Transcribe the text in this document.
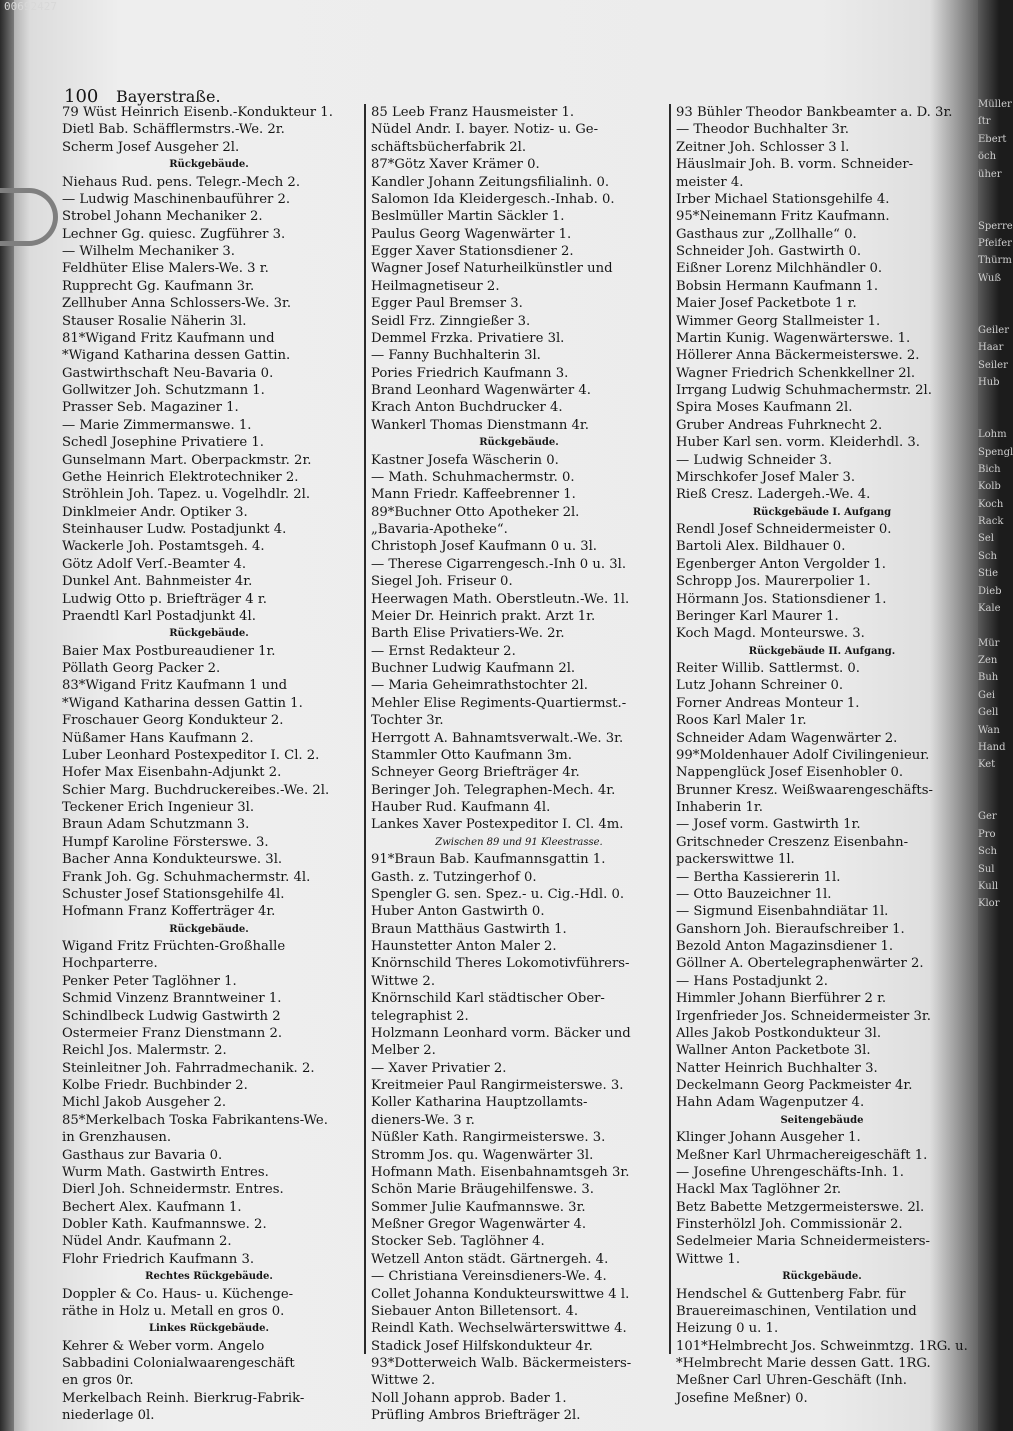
00692427
100 Bayerstraße.
79 Wüst Heinrich Eisenb.-Kondukteur 1.
Dietl Bab. Schäfflermstrs.-We. 2r.
Scherm Josef Ausgeher 2l.
Rückgebäude.
Niehaus Rud. pens. Telegr.-Mech 2.
— Ludwig Maschinenbauführer 2.
Strobel Johann Mechaniker 2.
Lechner Gg. quiesc. Zugführer 3.
— Wilhelm Mechaniker 3.
Feldhüter Elise Malers-We. 3 r.
Rupprecht Gg. Kaufmann 3r.
Zellhuber Anna Schlossers-We. 3r.
Stauser Rosalie Näherin 3l.
81*Wigand Fritz Kaufmann und
*Wigand Katharina dessen Gattin.
Gastwirthschaft Neu-Bavaria 0.
Gollwitzer Joh. Schutzmann 1.
Prasser Seb. Magaziner 1.
— Marie Zimmermanswe. 1.
Schedl Josephine Privatiere 1.
Gunselmann Mart. Oberpackmstr. 2r.
Gethe Heinrich Elektrotechniker 2.
Ströhlein Joh. Tapez. u. Vogelhdlr. 2l.
Dinklmeier Andr. Optiker 3.
Steinhauser Ludw. Postadjunkt 4.
Wackerle Joh. Postamtsgeh. 4.
Götz Adolf Verſ.-Beamter 4.
Dunkel Ant. Bahnmeister 4r.
Ludwig Otto p. Briefträger 4 r.
Praendtl Karl Postadjunkt 4l.
Rückgebäude.
Baier Max Postbureaudiener 1r.
Pöllath Georg Packer 2.
83*Wigand Fritz Kaufmann 1 und
*Wigand Katharina dessen Gattin 1.
Froschauer Georg Kondukteur 2.
Nüßamer Hans Kaufmann 2.
Luber Leonhard Postexpeditor I. Cl. 2.
Hofer Max Eisenbahn-Adjunkt 2.
Schier Marg. Buchdruckereibes.-We. 2l.
Teckener Erich Ingenieur 3l.
Braun Adam Schutzmann 3.
Humpf Karoline Försterswe. 3.
Bacher Anna Kondukteurswe. 3l.
Frank Joh. Gg. Schuhmachermstr. 4l.
Schuster Josef Stationsgehilfe 4l.
Hofmann Franz Kofferträger 4r.
Rückgebäude.
Wigand Fritz Früchten-Großhalle
Hochparterre.
Penker Peter Taglöhner 1.
Schmid Vinzenz Branntweiner 1.
Schindlbeck Ludwig Gastwirth 2
Ostermeier Franz Dienstmann 2.
Reichl Jos. Malermstr. 2.
Steinleitner Joh. Fahrradmechanik. 2.
Kolbe Friedr. Buchbinder 2.
Michl Jakob Ausgeher 2.
85*Merkelbach Toska Fabrikantens-We.
in Grenzhausen.
Gasthaus zur Bavaria 0.
Wurm Math. Gastwirth Entres.
Dierl Joh. Schneidermstr. Entres.
Bechert Alex. Kaufmann 1.
Dobler Kath. Kaufmannswe. 2.
Nüdel Andr. Kaufmann 2.
Flohr Friedrich Kaufmann 3.
Rechtes Rückgebäude.
Doppler & Co. Haus- u. Küchenge-
räthe in Holz u. Metall en gros 0.
Linkes Rückgebäude.
Kehrer & Weber vorm. Angelo
Sabbadini Colonialwaarengeschäft
en gros 0r.
Merkelbach Reinh. Bierkrug-Fabrik-
niederlage 0l.
85 Leeb Franz Hausmeister 1.
Nüdel Andr. I. bayer. Notiz- u. Ge-
schäftsbücherfabrik 2l.
87*Götz Xaver Krämer 0.
Kandler Johann Zeitungsfilialinh. 0.
Salomon Ida Kleidergesch.-Inhab. 0.
Beslmüller Martin Säckler 1.
Paulus Georg Wagenwärter 1.
Egger Xaver Stationsdiener 2.
Wagner Josef Naturheilkünstler und
Heilmagnetiseur 2.
Egger Paul Bremser 3.
Seidl Frz. Zinngießer 3.
Demmel Frzka. Privatiere 3l.
— Fanny Buchhalterin 3l.
Pories Friedrich Kaufmann 3.
Brand Leonhard Wagenwärter 4.
Krach Anton Buchdrucker 4.
Wankerl Thomas Dienstmann 4r.
Rückgebäude.
Kastner Josefa Wäscherin 0.
— Math. Schuhmachermstr. 0.
Mann Friedr. Kaffeebrenner 1.
89*Buchner Otto Apotheker 2l.
„Bavaria-Apotheke“.
Christoph Josef Kaufmann 0 u. 3l.
— Therese Cigarrengesch.-Inh 0 u. 3l.
Siegel Joh. Friseur 0.
Heerwagen Math. Oberstleutn.-We. 1l.
Meier Dr. Heinrich prakt. Arzt 1r.
Barth Elise Privatiers-We. 2r.
— Ernst Redakteur 2.
Buchner Ludwig Kaufmann 2l.
— Maria Geheimrathstochter 2l.
Mehler Elise Regiments-Quartiermst.-
Tochter 3r.
Herrgott A. Bahnamtsverwalt.-We. 3r.
Stammler Otto Kaufmann 3m.
Schneyer Georg Briefträger 4r.
Beringer Joh. Telegraphen-Mech. 4r.
Hauber Rud. Kaufmann 4l.
Lankes Xaver Postexpeditor I. Cl. 4m.
Zwischen 89 und 91 Kleestrasse.
91*Braun Bab. Kaufmannsgattin 1.
Gasth. z. Tutzingerhof 0.
Spengler G. sen. Spez.- u. Cig.-Hdl. 0.
Huber Anton Gastwirth 0.
Braun Matthäus Gastwirth 1.
Haunstetter Anton Maler 2.
Knörnschild Theres Lokomotivführers-
Wittwe 2.
Knörnschild Karl städtischer Ober-
telegraphist 2.
Holzmann Leonhard vorm. Bäcker und
Melber 2.
— Xaver Privatier 2.
Kreitmeier Paul Rangirmeisterswe. 3.
Koller Katharina Hauptzollamts-
dieners-We. 3 r.
Nüßler Kath. Rangirmeisterswe. 3.
Stromm Jos. qu. Wagenwärter 3l.
Hofmann Math. Eisenbahnamtsgeh 3r.
Schön Marie Bräugehilfenswe. 3.
Sommer Julie Kaufmannswe. 3r.
Meßner Gregor Wagenwärter 4.
Stocker Seb. Taglöhner 4.
Wetzell Anton städt. Gärtnergeh. 4.
— Christiana Vereinsdieners-We. 4.
Collet Johanna Kondukteurswittwe 4 l.
Siebauer Anton Billetensort. 4.
Reindl Kath. Wechselwärterswittwe 4.
Stadick Josef Hilfskondukteur 4r.
93*Dotterweich Walb. Bäckermeisters-
Wittwe 2.
Noll Johann approb. Bader 1.
Prüfling Ambros Briefträger 2l.
93 Bühler Theodor Bankbeamter a. D. 3r.
— Theodor Buchhalter 3r.
Zeitner Joh. Schlosser 3 l.
Häuslmair Joh. B. vorm. Schneider-
meister 4.
Irber Michael Stationsgehilfe 4.
95*Neinemann Fritz Kaufmann.
Gasthaus zur „Zollhalle“ 0.
Schneider Joh. Gastwirth 0.
Eißner Lorenz Milchhändler 0.
Bobsin Hermann Kaufmann 1.
Maier Josef Packetbote 1 r.
Wimmer Georg Stallmeister 1.
Martin Kunig. Wagenwärterswe. 1.
Höllerer Anna Bäckermeisterswe. 2.
Wagner Friedrich Schenkkellner 2l.
Irrgang Ludwig Schuhmachermstr. 2l.
Spira Moses Kaufmann 2l.
Gruber Andreas Fuhrknecht 2.
Huber Karl sen. vorm. Kleiderhdl. 3.
— Ludwig Schneider 3.
Mirschkofer Josef Maler 3.
Rieß Cresz. Ladergeh.-We. 4.
Rückgebäude I. Aufgang
Rendl Josef Schneidermeister 0.
Bartoli Alex. Bildhauer 0.
Egenberger Anton Vergolder 1.
Schropp Jos. Maurerpolier 1.
Hörmann Jos. Stationsdiener 1.
Beringer Karl Maurer 1.
Koch Magd. Monteurswe. 3.
Rückgebäude II. Aufgang.
Reiter Willib. Sattlermst. 0.
Lutz Johann Schreiner 0.
Forner Andreas Monteur 1.
Roos Karl Maler 1r.
Schneider Adam Wagenwärter 2.
99*Moldenhauer Adolf Civilingenieur.
Nappenglück Josef Eisenhobler 0.
Brunner Kresz. Weißwaarengeschäfts-
Inhaberin 1r.
— Josef vorm. Gastwirth 1r.
Gritschneder Creszenz Eisenbahn-
packerswittwe 1l.
— Bertha Kassiererin 1l.
— Otto Bauzeichner 1l.
— Sigmund Eisenbahndiätar 1l.
Ganshorn Joh. Bieraufschreiber 1.
Bezold Anton Magazinsdiener 1.
Göllner A. Obertelegraphenwärter 2.
— Hans Postadjunkt 2.
Himmler Johann Bierführer 2 r.
Irgenfrieder Jos. Schneidermeister 3r.
Alles Jakob Postkondukteur 3l.
Wallner Anton Packetbote 3l.
Natter Heinrich Buchhalter 3.
Deckelmann Georg Packmeister 4r.
Hahn Adam Wagenputzer 4.
Seitengebäude
Klinger Johann Ausgeher 1.
Meßner Karl Uhrmachereigeschäft 1.
— Josefine Uhrengeschäfts-Inh. 1.
Hackl Max Taglöhner 2r.
Betz Babette Metzgermeisterswe. 2l.
Finsterhölzl Joh. Commissionär 2.
Sedelmeier Maria Schneidermeisters-
Wittwe 1.
Rückgebäude.
Hendschel & Guttenberg Fabr. für
Brauereimaschinen, Ventilation und
Heizung 0 u. 1.
101*Helmbrecht Jos. Schweinmtzg. 1RG. u.
*Helmbrecht Marie dessen Gatt. 1RG.
Meßner Carl Uhren-Geschäft (Inh.
Josefine Meßner) 0.
Müller
ſtr
Ebert
öch
üher
Sperre
Pfeifer
Thürm
Wuß
Geiler
Haar
Seiler
Hub
Lohm
Spengl
Bich
Kolb
Koch
Rack
Sel
Sch
Stie
Dieb
Kale
Mür
Zen
Buh
Gei
Gell
Wan
Hand
Ket
Ger
Pro
Sch
Sul
Kull
Klor
